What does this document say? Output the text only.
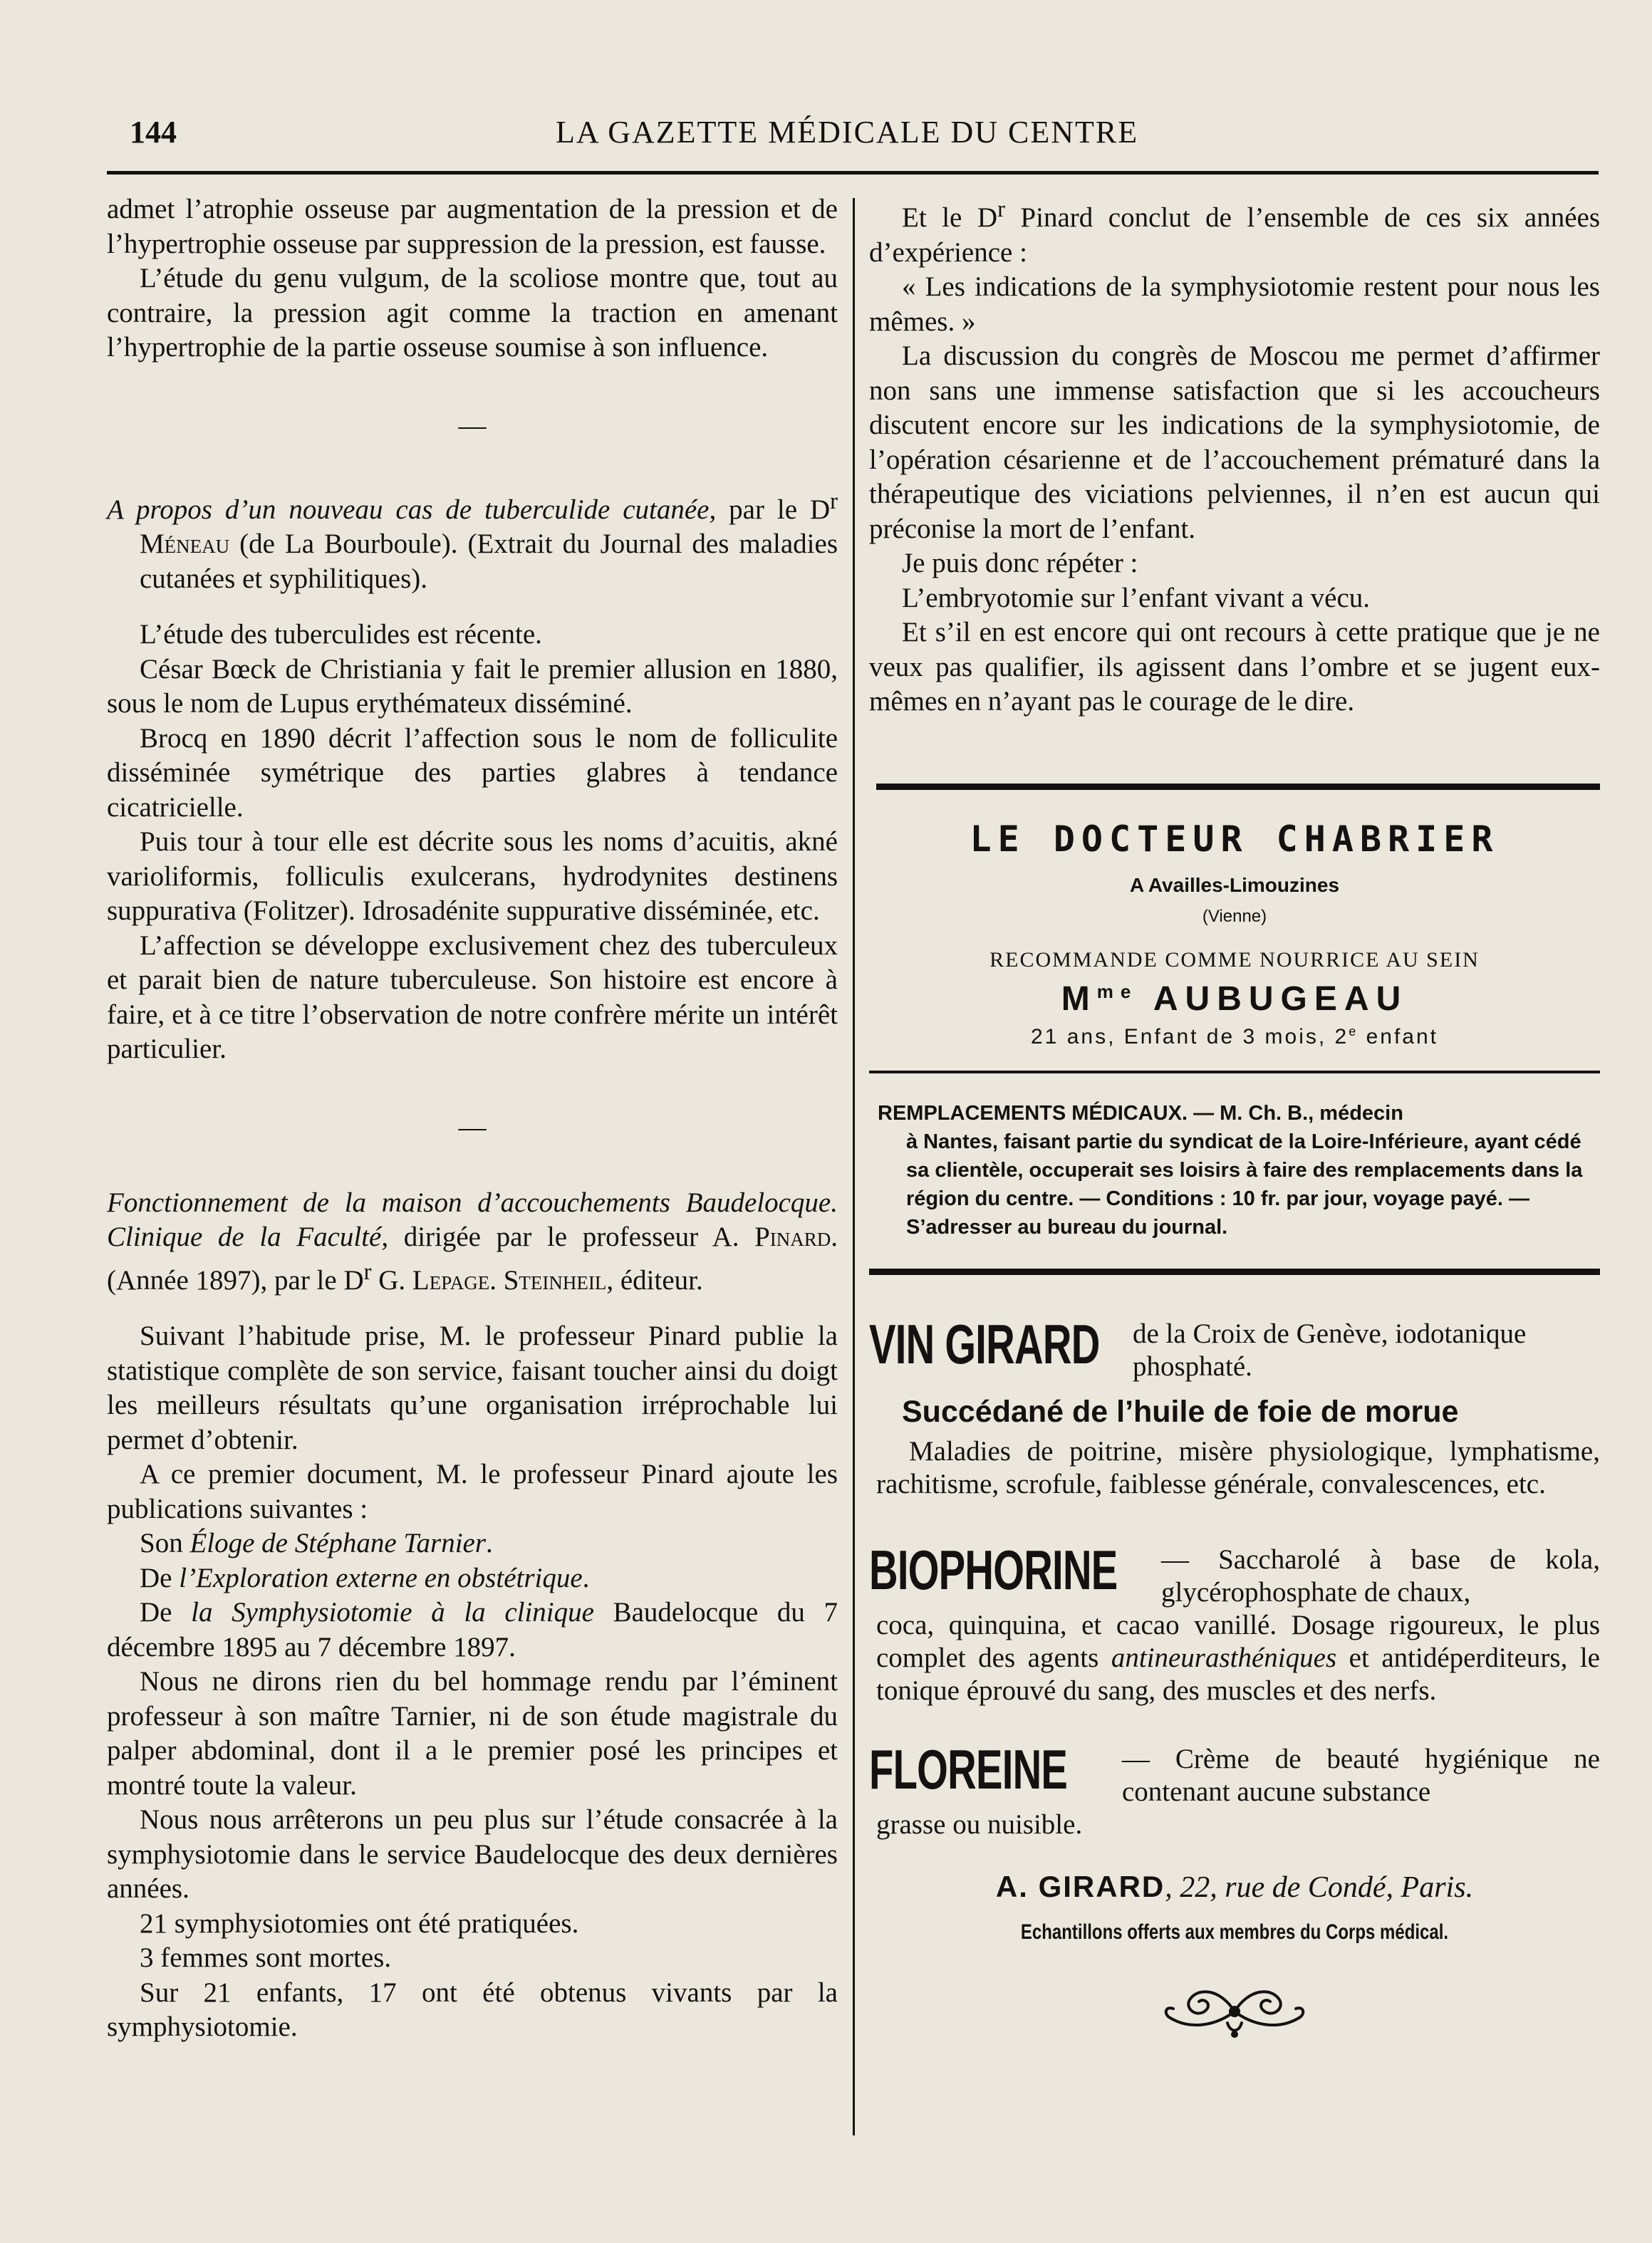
144	LA GAZETTE MÉDICALE DU CENTRE

admet l’atrophie osseuse par augmentation de la pression et de l’hypertrophie osseuse par suppression de la pression, est fausse.

L’étude du genu vulgum, de la scoliose montre que, tout au contraire, la pression agit comme la traction en amenant l’hypertrophie de la partie osseuse soumise à son influence.

—

A propos d’un nouveau cas de tuberculide cutanée, par le $D^r$ Méneau (de La Bourboule). (Extrait du Journal des maladies cutanées et syphilitiques).

L’étude des tuberculides est récente.

César Bœck de Christiania y fait le premier allusion en 1880, sous le nom de Lupus erythémateux disséminé.

Brocq en 1890 décrit l’affection sous le nom de folliculite disséminée symétrique des parties glabres à tendance cicatricielle.

Puis tour à tour elle est décrite sous les noms d’acuitis, akné varioliformis, folliculis exulcerans, hydrodynites destinens suppurativa (Folitzer). Idrosadénite suppurative disséminée, etc.

L’affection se développe exclusivement chez des tuberculeux et parait bien de nature tuberculeuse. Son histoire est encore à faire, et à ce titre l’observation de notre confrère mérite un intérêt particulier.

—

Fonctionnement de la maison d’accouchements Baudelocque. Clinique de la Faculté, dirigée par le professeur A. Pinard. (Année 1897), par le $D^r$ G. Lepage. Steinheil, éditeur.

Suivant l’habitude prise, M. le professeur Pinard publie la statistique complète de son service, faisant toucher ainsi du doigt les meilleurs résultats qu’une organisation irréprochable lui permet d’obtenir.

A ce premier document, M. le professeur Pinard ajoute les publications suivantes :

Son Éloge de Stéphane Tarnier.

De l’Exploration externe en obstétrique.

De la Symphysiotomie à la clinique Baudelocque du 7 décembre 1895 au 7 décembre 1897.

Nous ne dirons rien du bel hommage rendu par l’éminent professeur à son maître Tarnier, ni de son étude magistrale du palper abdominal, dont il a le premier posé les principes et montré toute la valeur.

Nous nous arrêterons un peu plus sur l’étude consacrée à la symphysiotomie dans le service Baudelocque des deux dernières années.

21 symphysiotomies ont été pratiquées.

3 femmes sont mortes.

Sur 21 enfants, 17 ont été obtenus vivants par la symphysiotomie.

Et le $D^r$ Pinard conclut de l’ensemble de ces six années d’expérience :

« Les indications de la symphysiotomie restent pour nous les mêmes. »

La discussion du congrès de Moscou me permet d’affirmer non sans une immense satisfaction que si les accoucheurs discutent encore sur les indications de la symphysiotomie, de l’opération césarienne et de l’accouchement prématuré dans la thérapeutique des viciations pelviennes, il n’en est aucun qui préconise la mort de l’enfant.

Je puis donc répéter :

L’embryotomie sur l’enfant vivant a vécu.

Et s’il en est encore qui ont recours à cette pratique que je ne veux pas qualifier, ils agissent dans l’ombre et se jugent eux-mêmes en n’ayant pas le courage de le dire.

LE DOCTEUR CHABRIER
A Availles-Limouzines
(Vienne)
RECOMMANDE COMME NOURRICE AU SEIN
$M^{me}$ AUBUGEAU
21 ans, Enfant de 3 mois, 2e enfant
REMPLACEMENTS MÉDICAUX. — M. Ch. B., médecin
à Nantes, faisant partie du syndicat de la Loire-Inférieure, ayant cédé sa clientèle, occuperait ses loisirs à faire des remplacements dans la région du centre. — Conditions : 10 fr. par jour, voyage payé. — S’adresser au bureau du journal.
VIN GIRARD de la Croix de Genève, iodotanique phosphaté.
Succédané de l’huile de foie de morue
Maladies de poitrine, misère physiologique, lymphatisme, rachitisme, scrofule, faiblesse générale, convalescences, etc.
BIOPHORINE — Saccharolé à base de kola, glycérophosphate de chaux,
coca, quinquina, et cacao vanillé. Dosage rigoureux, le plus complet des agents antineurasthéniques et antidéperditeurs, le tonique éprouvé du sang, des muscles et des nerfs.
FLOREINE — Crème de beauté hygiénique ne contenant aucune substance
grasse ou nuisible.
A. GIRARD, 22, rue de Condé, Paris.
Echantillons offerts aux membres du Corps médical.
